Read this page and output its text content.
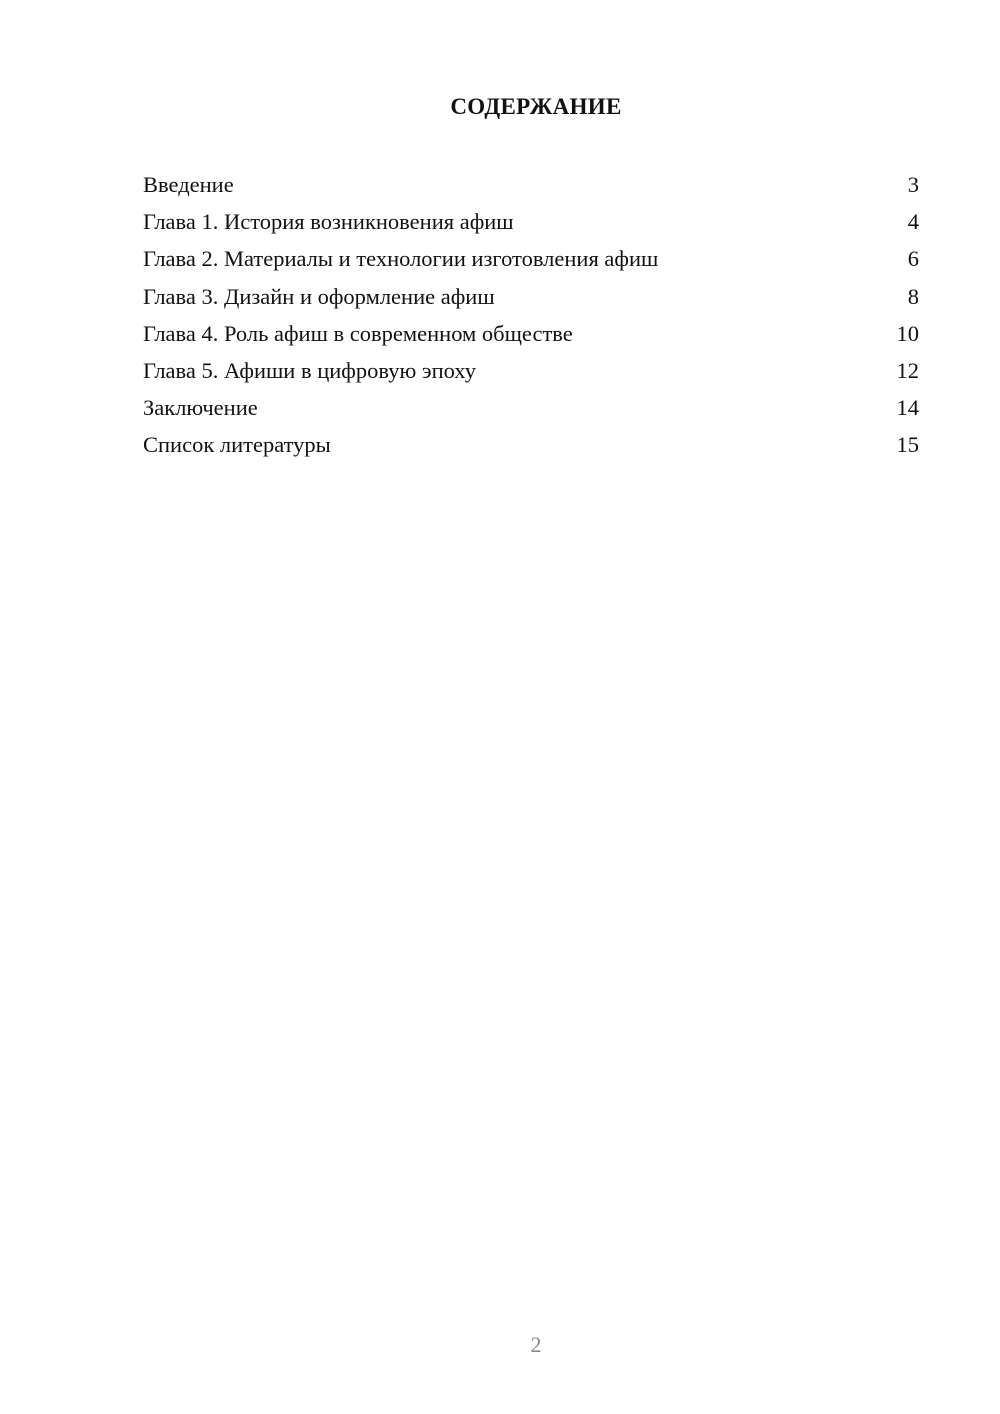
СОДЕРЖАНИЕ
Введение	3
Глава 1. История возникновения афиш	4
Глава 2. Материалы и технологии изготовления афиш	6
Глава 3. Дизайн и оформление афиш	8
Глава 4. Роль афиш в современном обществе	10
Глава 5. Афиши в цифровую эпоху	12
Заключение	14
Список литературы	15
2
